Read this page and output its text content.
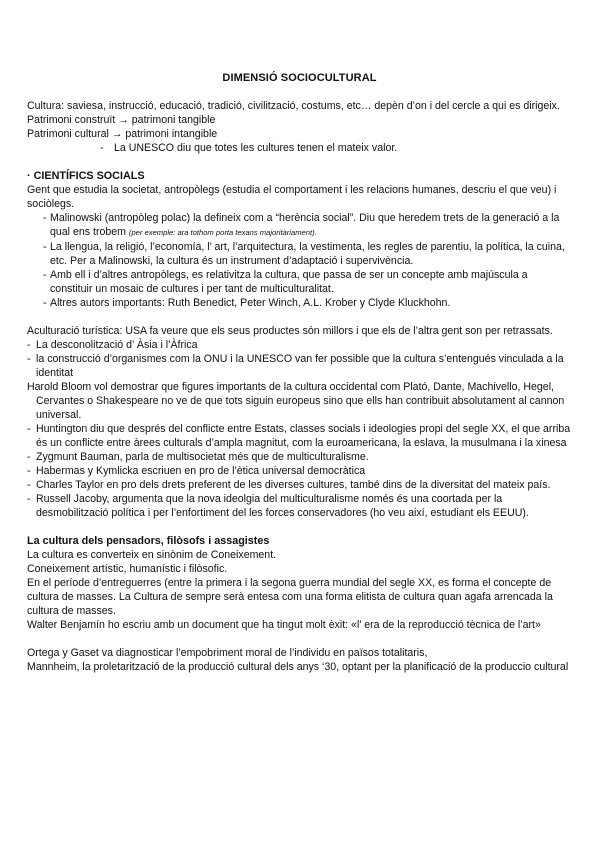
DIMENSIÓ SOCIOCULTURAL

Cultura: saviesa, instrucció, educació, tradició, civilització, costums, etc… depèn d’on i del cercle a qui es dirigeix.

Patrimoni construït → patrimoni tangible

Patrimoni cultural → patrimoni intangible

- La UNESCO diu que totes les cultures tenen el mateix valor.

· CIENTÍFICS SOCIALS

Gent que estudia la societat, antropòlegs (estudia el comportament i les relacions humanes, descriu el que veu) i sociòlegs.

- Malinowski (antropòleg polac) la defineix com a “herència social”. Diu que heredem trets de la generació a la qual ens trobem (per exemple: ara tothom porta texans majoritàriament).
- La llengua, la religió, l’economía, l’ art, l’arquitectura, la vestimenta, les regles de parentiu, la política, la cuina, etc. Per a Malinowski, la cultura és un instrument d’adaptació i supervivència.
- Amb ell i d’altres antropòlegs, es relativitza la cultura, que passa de ser un concepte amb majúscula a constituir un mosaic de cultures i per tant de multiculturalitat.
- Altres autors importants: Ruth Benedict, Peter Winch, A.L. Krober y Clyde Kluckhohn.

Aculturació turística: USA fa veure que els seus productes són millors i que els de l’altra gent son per retrassats.

- La desconolització d’ Àsia i l’Àfrica
- la construcció d’organismes com la ONU i la UNESCO van fer possible que la cultura s’entengués vinculada a la identitat

Harold Bloom vol demostrar que figures importants de la cultura occidental com Plató, Dante, Machivello, Hegel, Cervantes o Shakespeare no ve de que tots siguin europeus sino que ells han contribuit absolutament al cannon universal.

- Huntington diu que després del conflicte entre Estats, classes socials i ideologies propi del segle XX, el que arriba és un conflicte entre àrees culturals d’ampla magnitut, com la euroamericana, la eslava, la musulmana i la xinesa
- Zygmunt Bauman, parla de multisocietat més que de multiculturalisme.
- Habermas y Kymlicka escriuen en pro de l’ètica universal democràtica
- Charles Taylor en pro dels drets preferent de les diverses cultures, també dins de la diversitat del mateix país.
- Russell Jacoby, argumenta que la nova ideolgia del multiculturalisme només és una coortada per la desmobilització política i per l’enfortiment del les forces conservadores (ho veu així, estudiant els EEUU).

La cultura dels pensadors, filòsofs i assagistes

La cultura es converteix en sinònim de Coneixement.

Coneixement artístic, humanístic i filòsofic.

En el període d’entreguerres (entre la primera i la segona guerra mundial del segle XX, es forma el concepte de cultura de masses. La Cultura de sempre serà entesa com una forma elitista de cultura quan agafa arrencada la cultura de masses.

Walter Benjamín ho escriu amb un document que ha tingut molt èxit: «l’ era de la reproducció tècnica de l’art»

Ortega y Gaset va diagnosticar l’empobriment moral de l’individu en països totalitaris,

Mannheim, la proletarització de la producció cultural dels anys ‘30, optant per la planificació de la produccio cultural
